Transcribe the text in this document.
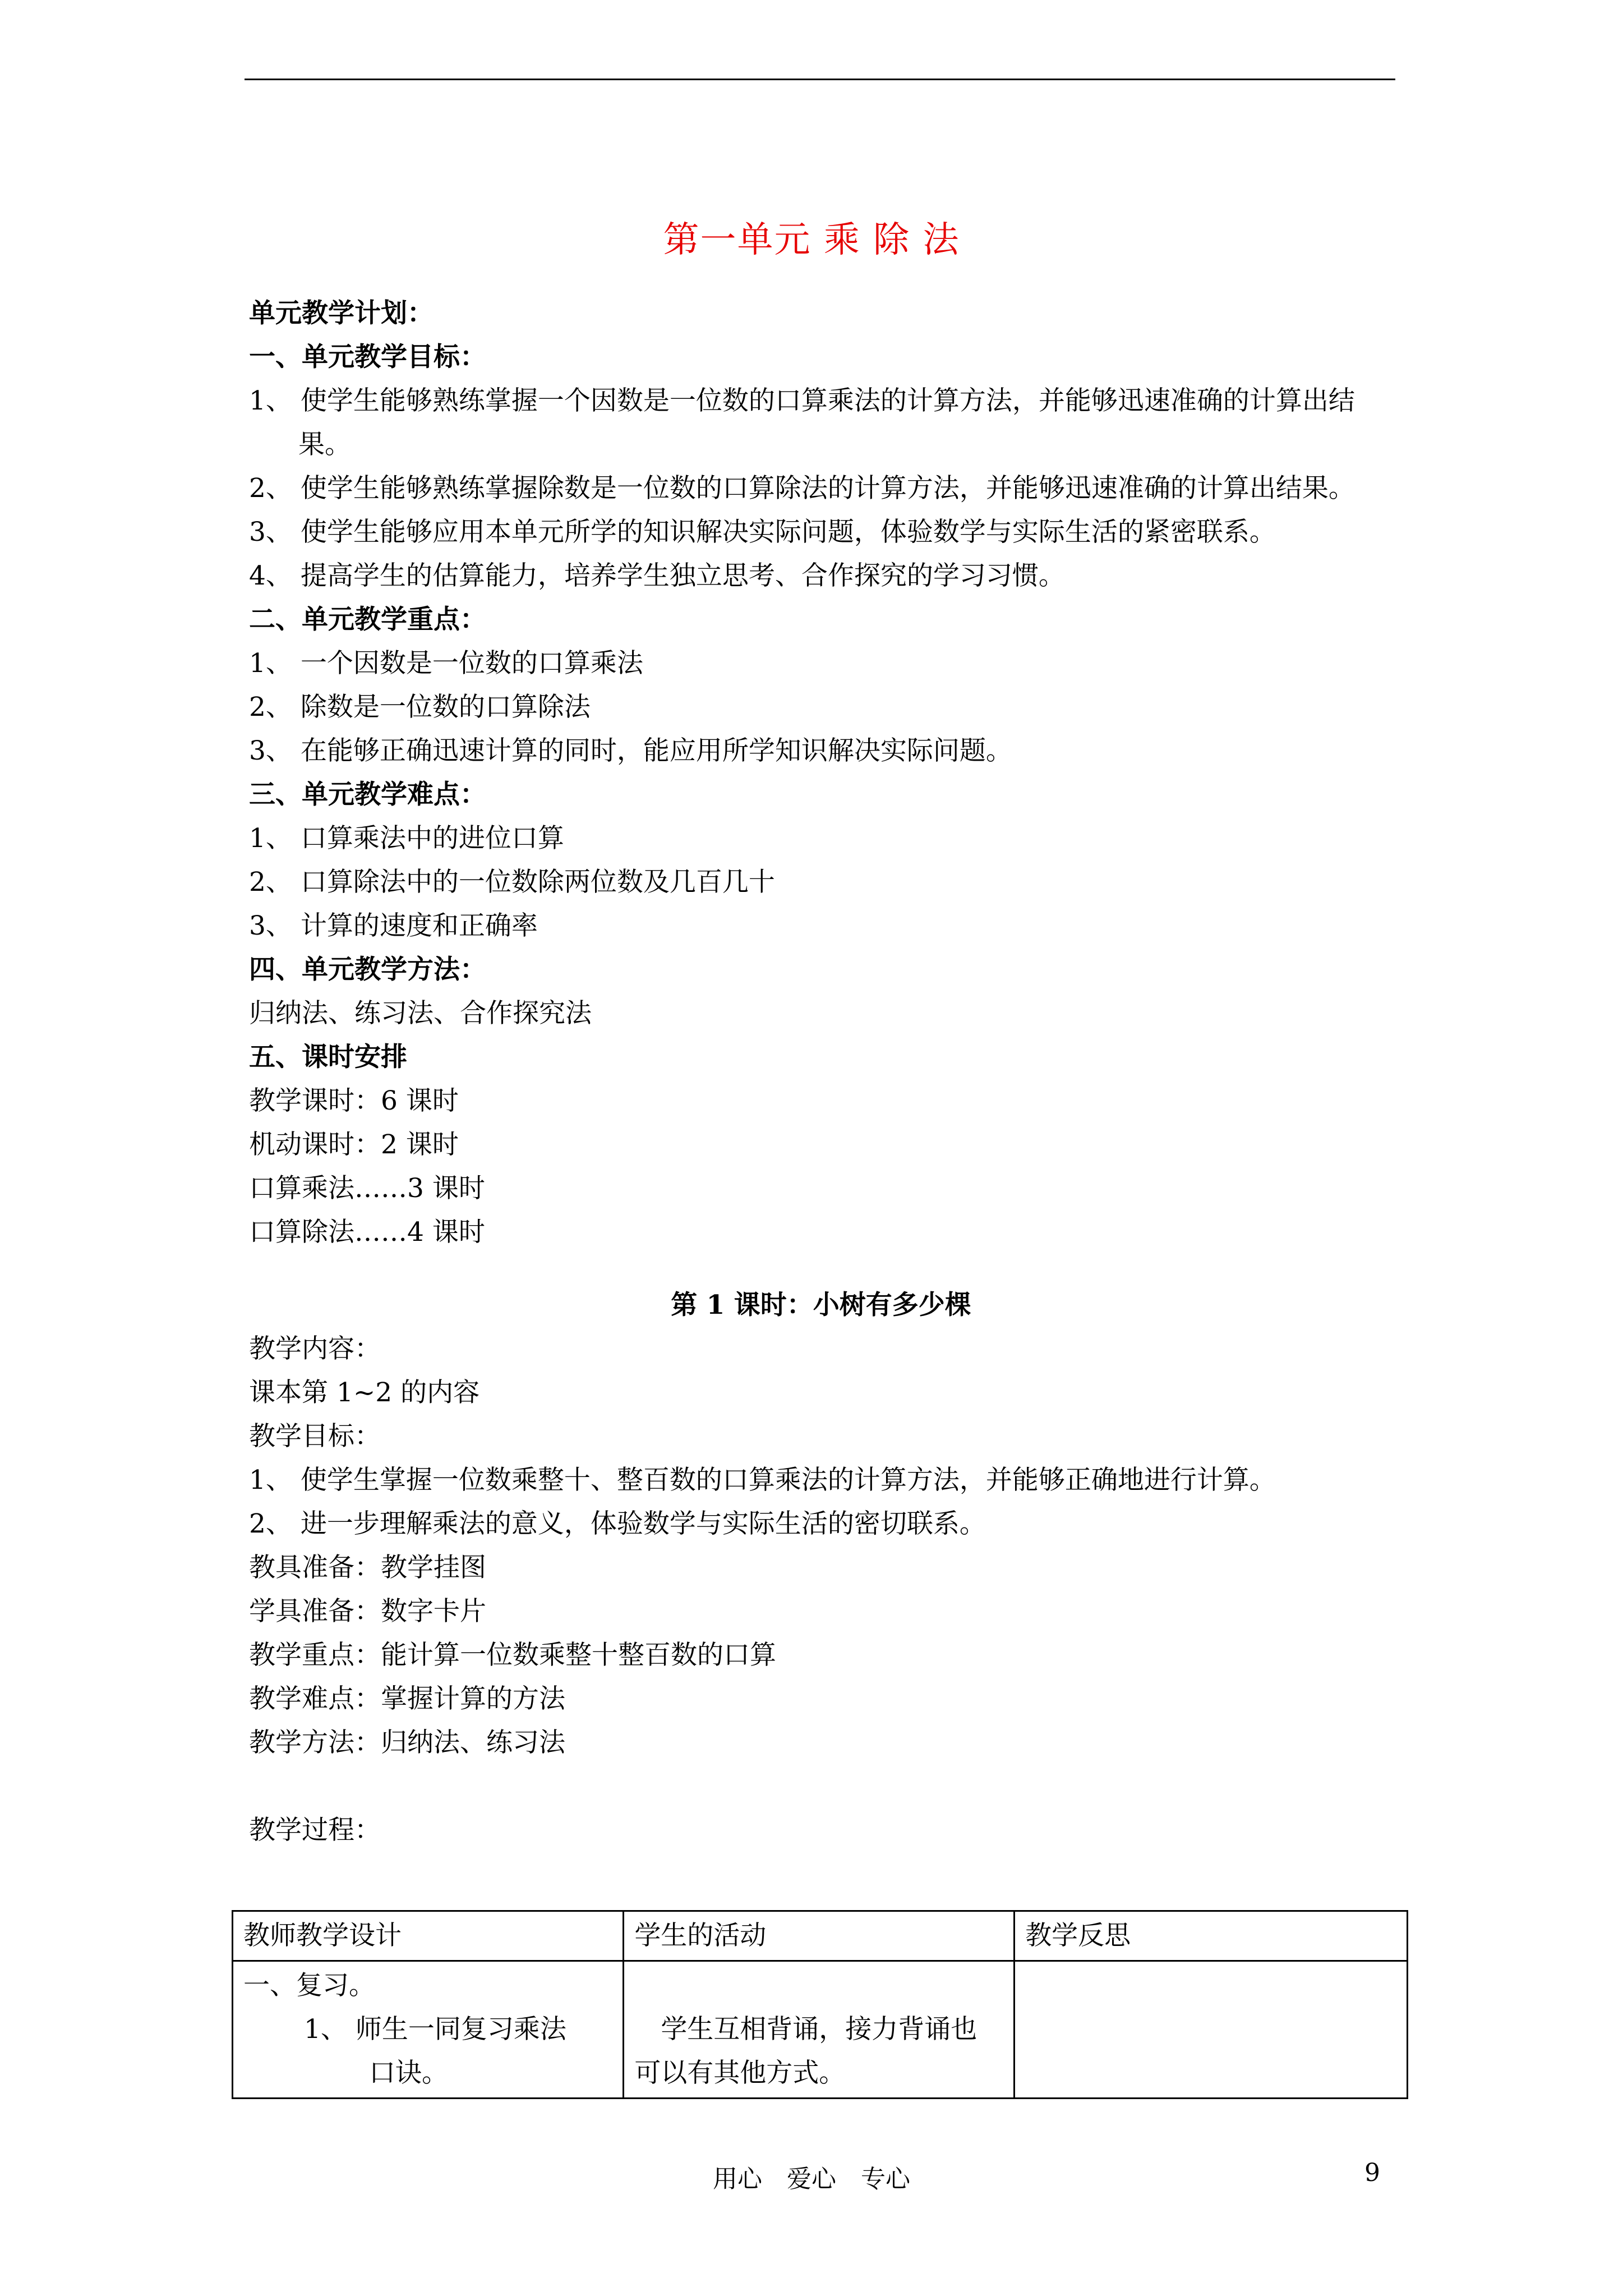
第一单元 乘 除 法
单元教学计划：
一、单元教学目标：
1、 使学生能够熟练掌握一个因数是一位数的口算乘法的计算方法，并能够迅速准确的计算出结果。
2、 使学生能够熟练掌握除数是一位数的口算除法的计算方法，并能够迅速准确的计算出结果。
3、 使学生能够应用本单元所学的知识解决实际问题，体验数学与实际生活的紧密联系。
4、 提高学生的估算能力，培养学生独立思考、合作探究的学习习惯。
二、单元教学重点：
1、 一个因数是一位数的口算乘法
2、 除数是一位数的口算除法
3、 在能够正确迅速计算的同时，能应用所学知识解决实际问题。
三、单元教学难点：
1、 口算乘法中的进位口算
2、 口算除法中的一位数除两位数及几百几十
3、 计算的速度和正确率
四、单元教学方法：
归纳法、练习法、合作探究法
五、课时安排
教学课时：6 课时
机动课时：2 课时
口算乘法……3 课时
口算除法……4 课时
第 1 课时：小树有多少棵
教学内容：
课本第 1~2 的内容
教学目标：
1、 使学生掌握一位数乘整十、整百数的口算乘法的计算方法，并能够正确地进行计算。
2、 进一步理解乘法的意义，体验数学与实际生活的密切联系。
教具准备：教学挂图
学具准备：数字卡片
教学重点：能计算一位数乘整十整百数的口算
教学难点：掌握计算的方法
教学方法：归纳法、练习法
教学过程：
教师教学设计	学生的活动	教学反思

一、复习。
1、 师生一同复习乘法
口诀。	学生互相背诵，接力背诵也可以有其他方式。	

用心　爱心　专心	9
